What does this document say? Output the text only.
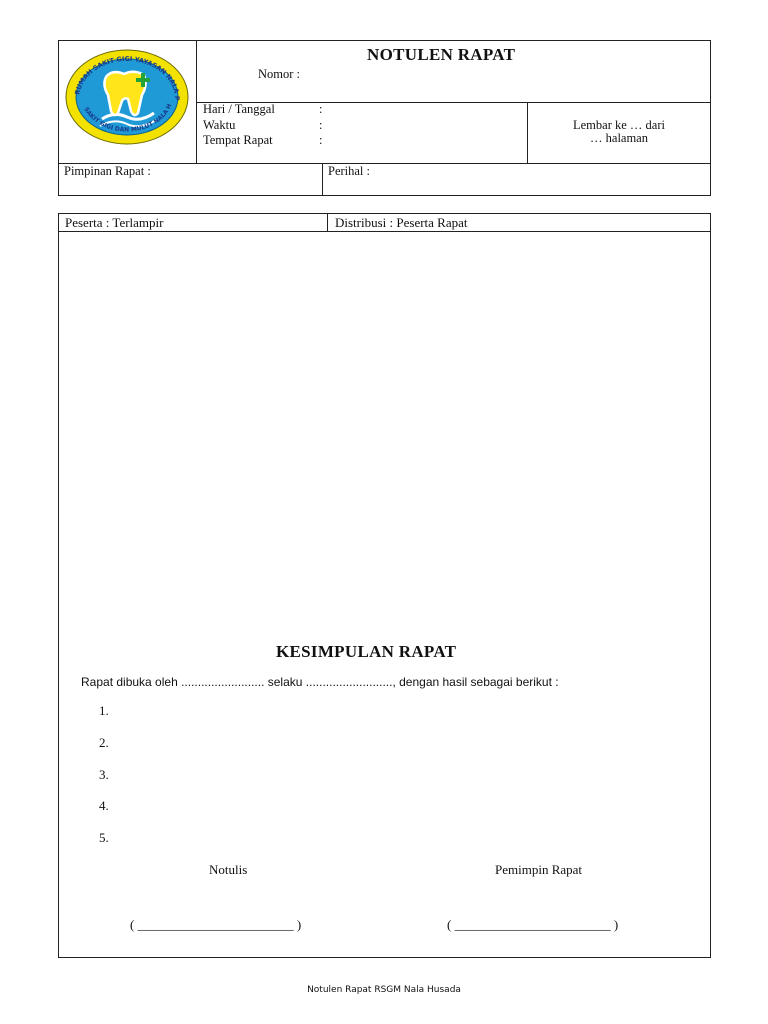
RUMAH SAKIT GIGI YAYASAN NALA P
SAKIT GIGI DAN MULUT NALA H
NOTULEN RAPAT
Nomor :
Hari / Tanggal	:
Waktu	:
Tempat Rapat	:
Lembar ke … dari
… halaman
Pimpinan Rapat :	Perihal :
Peserta : Terlampir	Distribusi : Peserta Rapat
KESIMPULAN RAPAT
Rapat dibuka oleh ......................... selaku .........................., dengan hasil sebagai berikut :
1.
2.
3.
4.
5.
Notulis	Pemimpin Rapat
( ________________________ )	( ________________________ )
Notulen Rapat RSGM Nala Husada
